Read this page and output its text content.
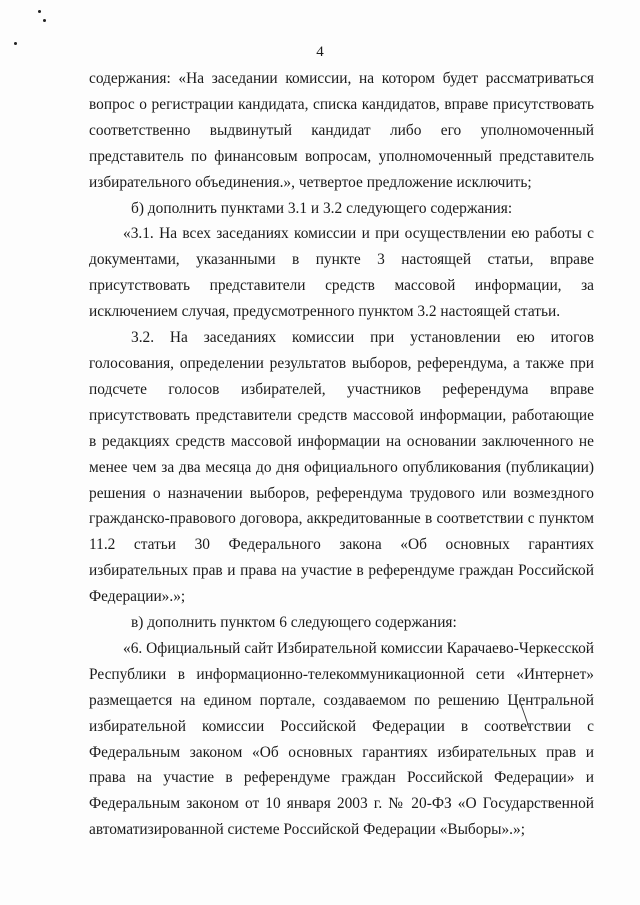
4

содержания: «На заседании комиссии, на котором будет рассматриваться вопрос о регистрации кандидата, списка кандидатов, вправе присутствовать соответственно выдвинутый кандидат либо его уполномоченный представитель по финансовым вопросам, уполномоченный представитель избирательного объединения.», четвертое предложение исключить;

б) дополнить пунктами 3.1 и 3.2 следующего содержания:

«3.1. На всех заседаниях комиссии и при осуществлении ею работы с документами, указанными в пункте 3 настоящей статьи, вправе присутствовать представители средств массовой информации, за исключением случая, предусмотренного пунктом 3.2 настоящей статьи.

3.2. На заседаниях комиссии при установлении ею итогов голосования, определении результатов выборов, референдума, а также при подсчете голосов избирателей, участников референдума вправе присутствовать представители средств массовой информации, работающие в редакциях средств массовой информации на основании заключенного не менее чем за два месяца до дня официального опубликования (публикации) решения о назначении выборов, референдума трудового или возмездного гражданско-правового договора, аккредитованные в соответствии с пунктом 11.2 статьи 30 Федерального закона «Об основных гарантиях избирательных прав и права на участие в референдуме граждан Российской Федерации».»;

в) дополнить пунктом 6 следующего содержания:

«6. Официальный сайт Избирательной комиссии Карачаево-Черкесской Республики в информационно-телекоммуникационной сети «Интернет» размещается на едином портале, создаваемом по решению Центральной избирательной комиссии Российской Федерации в соответствии с Федеральным законом «Об основных гарантиях избирательных прав и права на участие в референдуме граждан Российской Федерации» и Федеральным законом от 10 января 2003 г. № 20-ФЗ «О Государственной автоматизированной системе Российской Федерации «Выборы».»;
